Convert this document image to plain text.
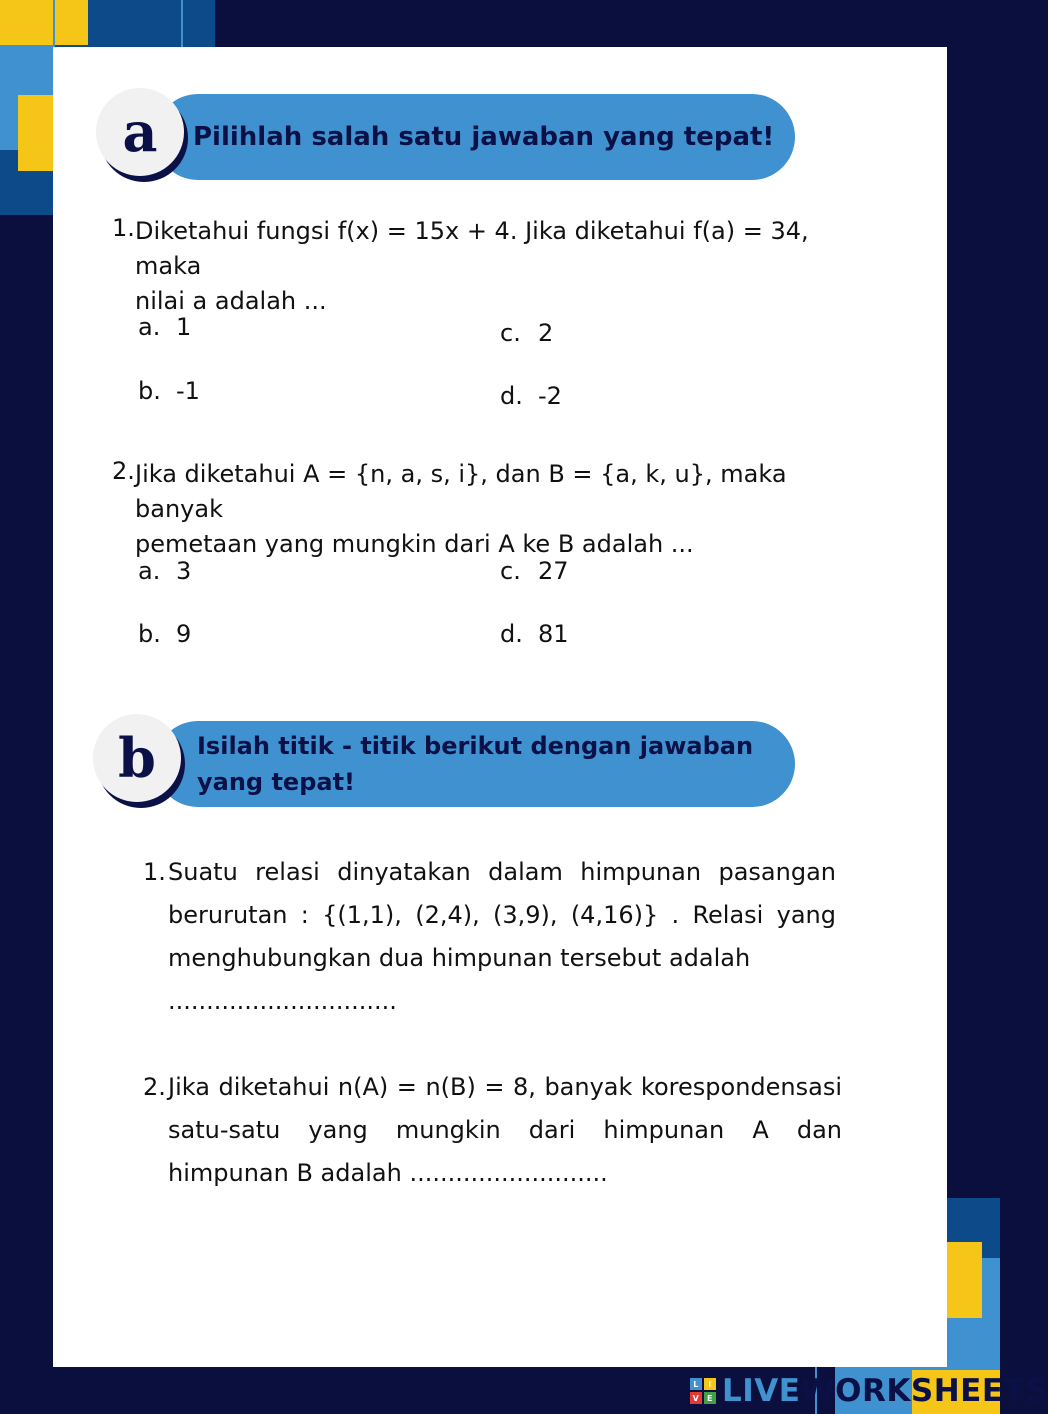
Pilihlah salah satu jawaban yang tepat!
a
1. Diketahui fungsi f(x) = 15x + 4. Jika diketahui f(a) = 34, maka
nilai a adalah ...
a. 1
b. -1
c. 2
d. -2
2. Jika diketahui A = {n, a, s, i}, dan B = {a, k, u}, maka banyak
pemetaan yang mungkin dari A ke B adalah ...
a. 3
b. 9
c. 27
d. 81
Isilah titik - titik berikut dengan jawaban
yang tepat!
b
1. Suatu relasi dinyatakan dalam himpunan pasangan berurutan : {(1,1), (2,4), (3,9), (4,16)} . Relasi yang menghubungkan dua himpunan tersebut adalah
..............................
2. Jika diketahui n(A) = n(B) = 8, banyak korespondensasi satu-satu yang mungkin dari himpunan A dan himpunan B adalah ..........................
L	I
V E LIVE WORKSHEETS
